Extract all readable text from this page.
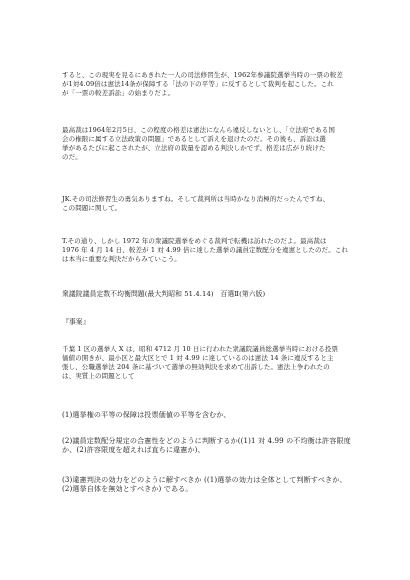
すると、この現実を見るにあきれた一人の司法修習生が、1962年参議院選挙当時の一票の較差
が1対4.09倍は憲法14条が保障する「法の下の平等」に反するとして裁判を起こした。これ
が「一票の較差訴訟」の始まりだよ。
最高裁は1964年2月5日、この程度の格差は憲法になんら違反しないとし、「立法府である国
会の権限に属する立法政策の問題」であるとして訴えを退けたのだ。その後も、訴訟は選
挙があるたびに起こされたが、立法府の裁量を認める判決しかでず、格差は広がり続けた
のだ。
JK.その司法修習生の勇気ありますね。そして裁判所は当時かなり消極的だったんですね、
この問題に関して。
T.その通り、しかし 1972 年の衆議院選挙をめぐる裁判で転機は訪れたのだよ。最高裁は
1976 年 4 月 14 日、較差が 1 対 4.99 倍に達した選挙の議員定数配分を違憲としたのだ。これ
は本当に重要な判決だからみていこう。
衆議院議員定数不均衡問題(最大判昭和 51.4.14)　百選Ⅱ(第六版)
『事案』
千葉 1 区の選挙人 X は、昭和 4712 月 10 日に行われた衆議院議員総選挙当時における投票
価値の開きが、最小区と最大区とで 1 対 4.99 に達しているのは憲法 14 条に違反すると主
張し、公職選挙法 204 条に基づいて選挙の無効判決を求めて出訴した。憲法上争われたの
は、実質上の問題として
(1)選挙権の平等の保障は投票価値の平等を含むか、
(2)議員定数配分規定の合憲性をどのように判断するか((1)1 対 4.99 の不均衡は許容限度
か、(2)許容限度を超えれば直ちに違憲か)、
(3)違憲判決の効力をどのように解すべきか ((1)選挙の効力は全体として判断すべきか、
(2)選挙自体を無効とすべきか) である。
